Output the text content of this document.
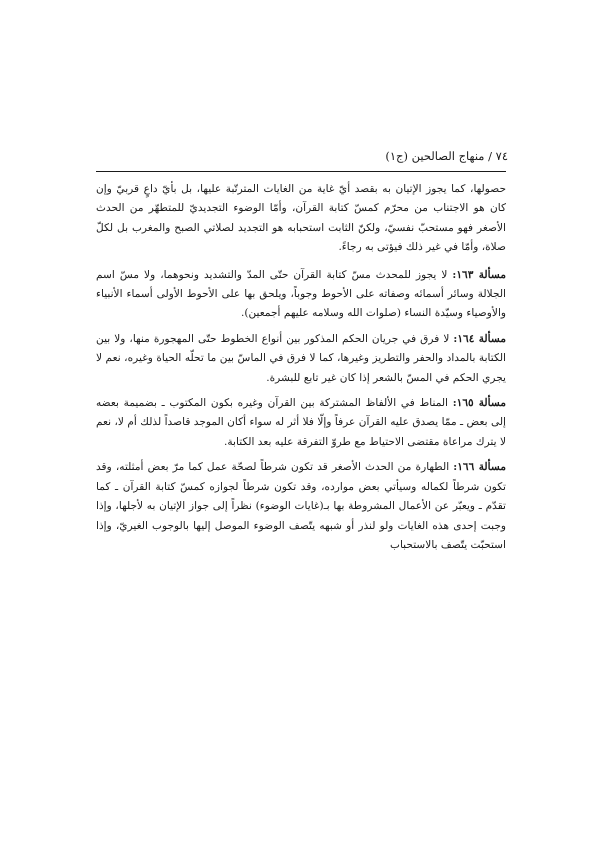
٧٤ / منهاج الصالحين (ج١)

حصولها، كما يجوز الإتيان به بقصد أيّ غاية من الغايات المترتّبة عليها، بل بأيّ داعٍ قربيّ وإن كان هو الاجتناب من محرّم كمسّ كتابة القرآن، وأمّا الوضوء التجديديّ للمتطهّر من الحدث الأصغر فهو مستحبّ نفسيّ، ولكنّ الثابت استحبابه هو التجديد لصلاتي الصبح والمغرب بل لكلّ صلاة، وأمّا في غير ذلك فيؤتى به رجاءً.

مسألة ١٦٣: لا يجوز للمحدث مسّ كتابة القرآن حتّى المدّ والتشديد ونحوهما، ولا مسّ اسم الجلالة وسائر أسمائه وصفاته على الأحوط وجوباً، ويلحق بها على الأحوط الأولى أسماء الأنبياء والأوصياء وسيّدة النساء (صلوات الله وسلامه عليهم أجمعين).

مسألة ١٦٤: لا فرق في جريان الحكم المذكور بين أنواع الخطوط حتّى المهجورة منها، ولا بين الكتابة بالمداد والحفر والتطريز وغيرها، كما لا فرق في الماسّ بين ما تحلّه الحياة وغيره، نعم لا يجري الحكم في المسّ بالشعر إذا كان غير تابع للبشرة.

مسألة ١٦٥: المناط في الألفاظ المشتركة بين القرآن وغيره بكون المكتوب ـ بضميمة بعضه إلى بعض ـ ممّا يصدق عليه القرآن عرفاً وإلّا فلا أثر له سواء أكان الموجد قاصداً لذلك أم لا، نعم لا يترك مراعاة مقتضى الاحتياط مع طروّ التفرقة عليه بعد الكتابة.

مسألة ١٦٦: الطهارة من الحدث الأصغر قد تكون شرطاً لصحّة عمل كما مرّ بعض أمثلته، وقد تكون شرطاً لكماله وسيأتي بعض موارده، وقد تكون شرطاً لجوازه كمسّ كتابة القرآن ـ كما تقدّم ـ ويعبّر عن الأعمال المشروطة بها بـ(غايات الوضوء) نظراً إلى جواز الإتيان به لأجلها، وإذا وجبت إحدى هذه الغايات ولو لنذر أو شبهه يتّصف الوضوء الموصل إليها بالوجوب الغيريّ، وإذا استحبّت يتّصف بالاستحباب
